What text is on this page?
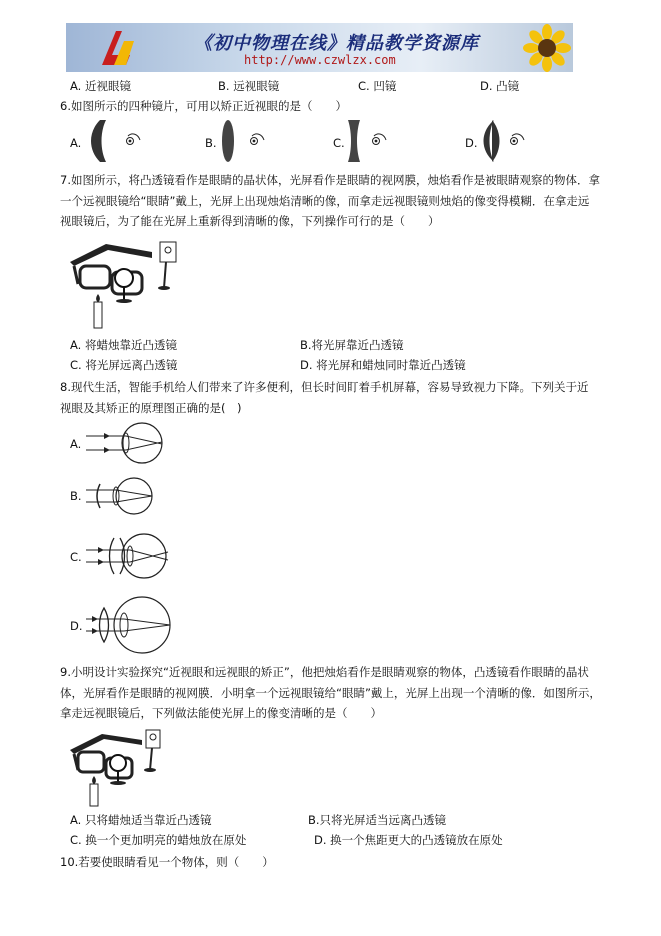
《初中物理在线》精品教学资源库
http://www.czwlzx.com
A. 近视眼镜	B. 远视眼镜	C. 凹镜	D. 凸镜
6.如图所示的四种镜片，可用以矫正近视眼的是（　　）
A.	B.	C.	D.
7.如图所示，将凸透镜看作是眼睛的晶状体，光屏看作是眼睛的视网膜，烛焰看作是被眼睛观察的物体．拿
一个远视眼镜给“眼睛”戴上，光屏上出现烛焰清晰的像，而拿走远视眼镜则烛焰的像变得模糊．在拿走远
视眼镜后，为了能在光屏上重新得到清晰的像，下列操作可行的是（　　）
A. 将蜡烛靠近凸透镜	B.将光屏靠近凸透镜
C. 将光屏远离凸透镜	D. 将光屏和蜡烛同时靠近凸透镜
8.现代生活，智能手机给人们带来了许多便利，但长时间盯着手机屏幕，容易导致视力下降。下列关于近
视眼及其矫正的原理图正确的是(　)
A.
B.
C.
D.
9.小明设计实验探究“近视眼和远视眼的矫正”，他把烛焰看作是眼睛观察的物体，凸透镜看作眼睛的晶状
体，光屏看作是眼睛的视网膜．小明拿一个远视眼镜给“眼睛”戴上，光屏上出现一个清晰的像．如图所示，
拿走远视眼镜后，下列做法能使光屏上的像变清晰的是（　　）
A. 只将蜡烛适当靠近凸透镜	B.只将光屏适当远离凸透镜
C. 换一个更加明亮的蜡烛放在原处	D. 换一个焦距更大的凸透镜放在原处
10.若要使眼睛看见一个物体，则（　　）
